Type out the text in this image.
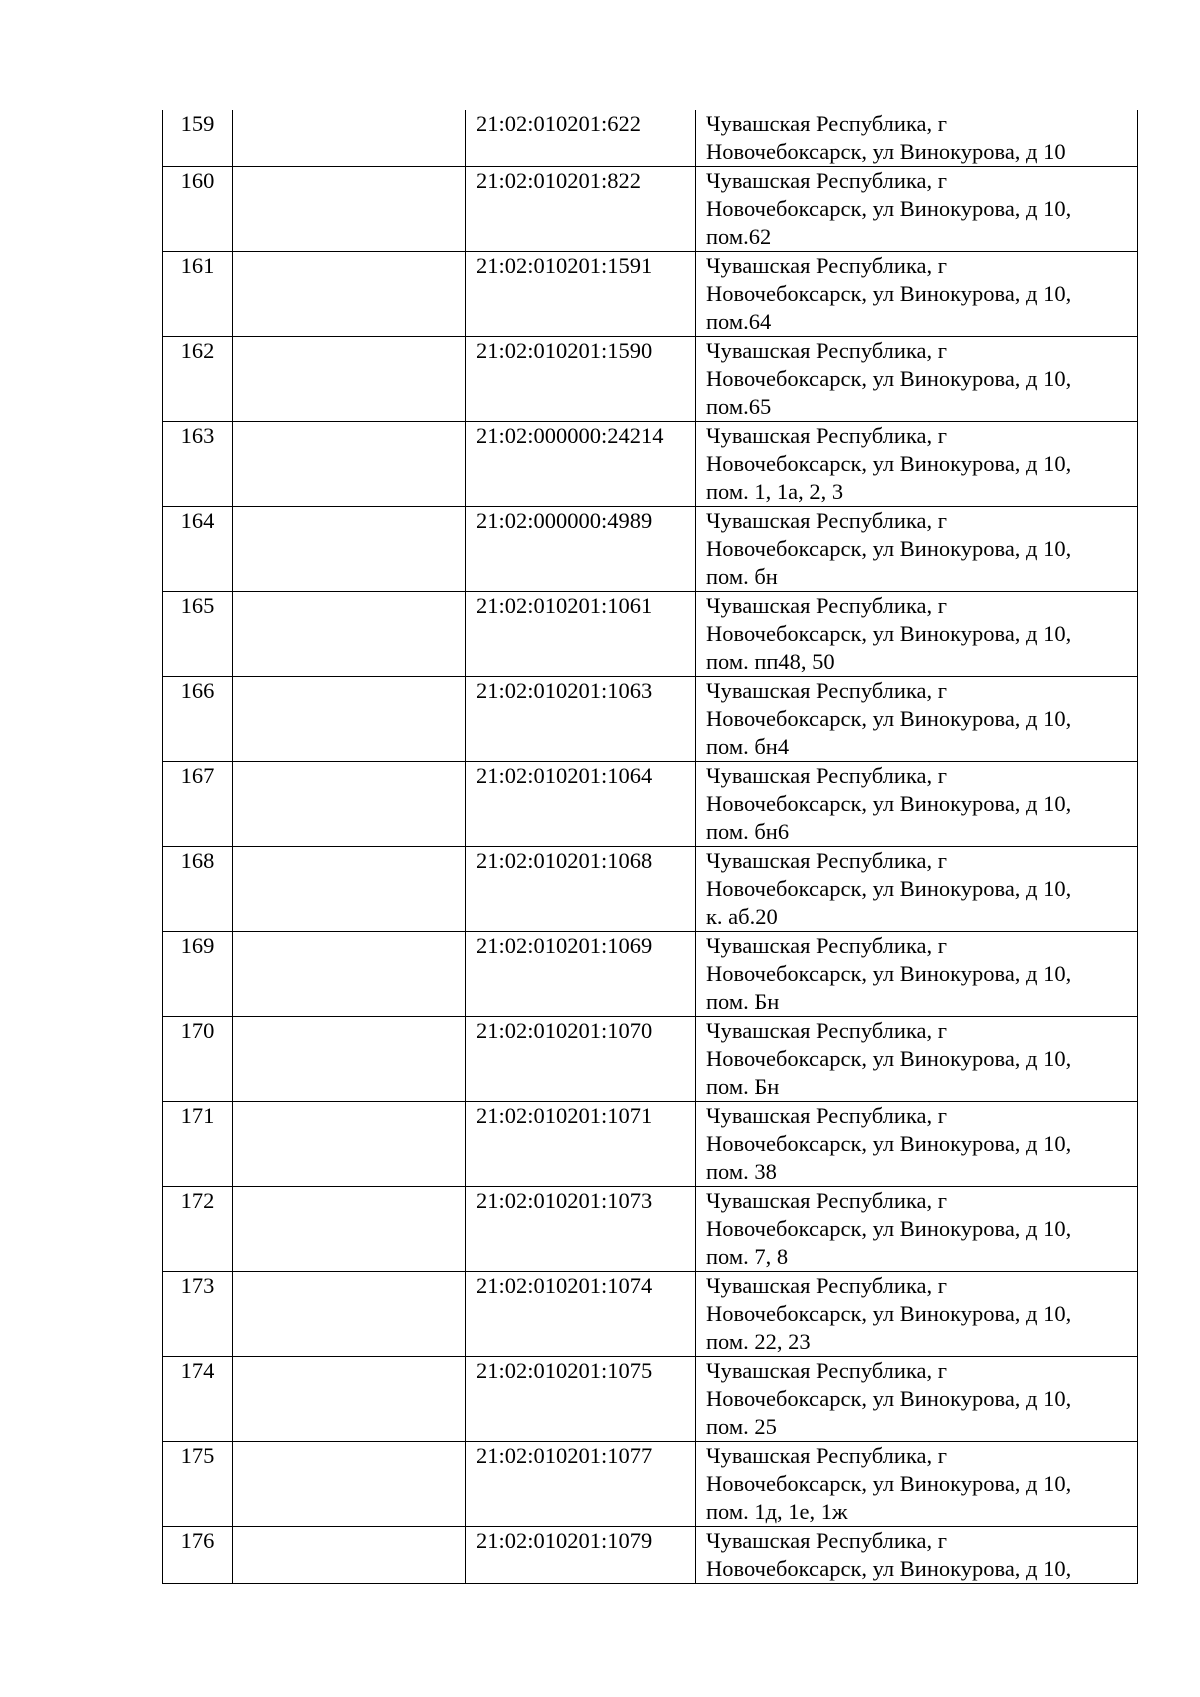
159		21:02:010201:622	Чувашская Республика, г
Новочебоксарск, ул Винокурова, д 10
160		21:02:010201:822	Чувашская Республика, г
Новочебоксарск, ул Винокурова, д 10,
пом.62
161		21:02:010201:1591	Чувашская Республика, г
Новочебоксарск, ул Винокурова, д 10,
пом.64
162		21:02:010201:1590	Чувашская Республика, г
Новочебоксарск, ул Винокурова, д 10,
пом.65
163		21:02:000000:24214	Чувашская Республика, г
Новочебоксарск, ул Винокурова, д 10,
пом. 1, 1а, 2, 3
164		21:02:000000:4989	Чувашская Республика, г
Новочебоксарск, ул Винокурова, д 10,
пом. бн
165		21:02:010201:1061	Чувашская Республика, г
Новочебоксарск, ул Винокурова, д 10,
пом. пп48, 50
166		21:02:010201:1063	Чувашская Республика, г
Новочебоксарск, ул Винокурова, д 10,
пом. бн4
167		21:02:010201:1064	Чувашская Республика, г
Новочебоксарск, ул Винокурова, д 10,
пом. бн6
168		21:02:010201:1068	Чувашская Республика, г
Новочебоксарск, ул Винокурова, д 10,
к. аб.20
169		21:02:010201:1069	Чувашская Республика, г
Новочебоксарск, ул Винокурова, д 10,
пом. Бн
170		21:02:010201:1070	Чувашская Республика, г
Новочебоксарск, ул Винокурова, д 10,
пом. Бн
171		21:02:010201:1071	Чувашская Республика, г
Новочебоксарск, ул Винокурова, д 10,
пом. 38
172		21:02:010201:1073	Чувашская Республика, г
Новочебоксарск, ул Винокурова, д 10,
пом. 7, 8
173		21:02:010201:1074	Чувашская Республика, г
Новочебоксарск, ул Винокурова, д 10,
пом. 22, 23
174		21:02:010201:1075	Чувашская Республика, г
Новочебоксарск, ул Винокурова, д 10,
пом. 25
175		21:02:010201:1077	Чувашская Республика, г
Новочебоксарск, ул Винокурова, д 10,
пом. 1д, 1е, 1ж
176		21:02:010201:1079	Чувашская Республика, г
Новочебоксарск, ул Винокурова, д 10,
